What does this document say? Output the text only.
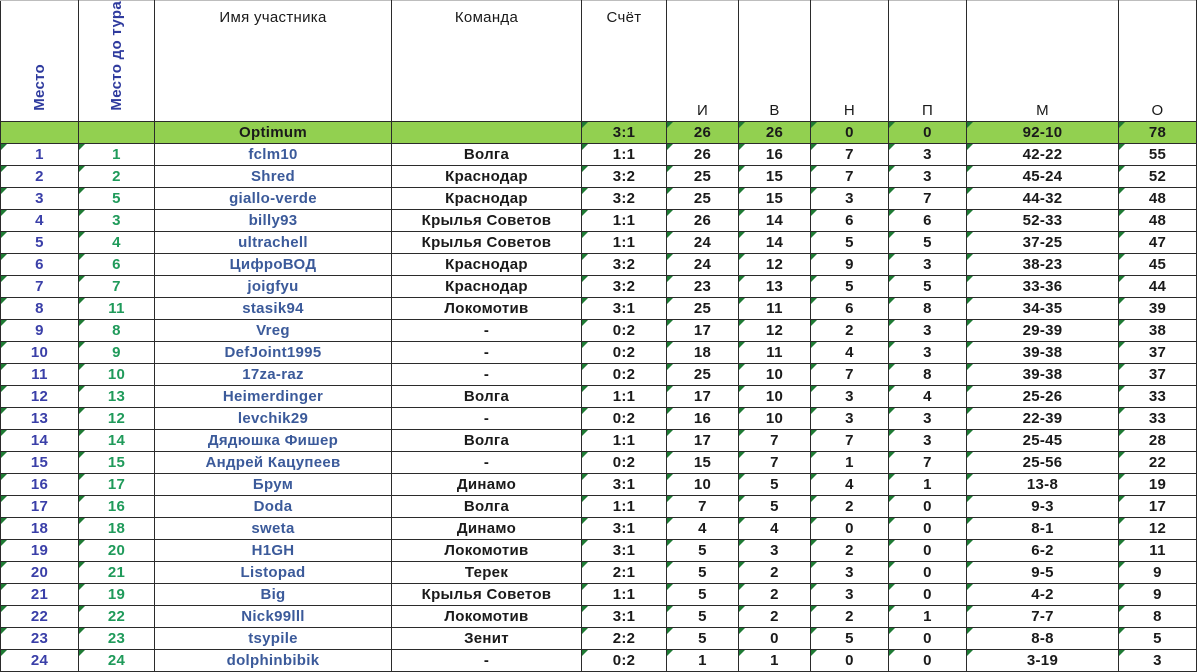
Место	Место до тура	Имя участника	Команда	Счёт	И	В	Н	П	М	О
		Optimum		3:1	26	26	0	0	92-10	78
1	1	fclm10	Волга	1:1	26	16	7	3	42-22	55
2	2	Shred	Краснодар	3:2	25	15	7	3	45-24	52
3	5	giallo-verde	Краснодар	3:2	25	15	3	7	44-32	48
4	3	billy93	Крылья Советов	1:1	26	14	6	6	52-33	48
5	4	ultrachell	Крылья Советов	1:1	24	14	5	5	37-25	47
6	6	ЦифроВОД	Краснодар	3:2	24	12	9	3	38-23	45
7	7	joigfyu	Краснодар	3:2	23	13	5	5	33-36	44
8	11	stasik94	Локомотив	3:1	25	11	6	8	34-35	39
9	8	Vreg	-	0:2	17	12	2	3	29-39	38
10	9	DefJoint1995	-	0:2	18	11	4	3	39-38	37
11	10	17za-raz	-	0:2	25	10	7	8	39-38	37
12	13	Heimerdinger	Волга	1:1	17	10	3	4	25-26	33
13	12	levchik29	-	0:2	16	10	3	3	22-39	33
14	14	Дядюшка Фишер	Волга	1:1	17	7	7	3	25-45	28
15	15	Андрей Кацупеев	-	0:2	15	7	1	7	25-56	22
16	17	Брум	Динамо	3:1	10	5	4	1	13-8	19
17	16	Doda	Волга	1:1	7	5	2	0	9-3	17
18	18	sweta	Динамо	3:1	4	4	0	0	8-1	12
19	20	H1GH	Локомотив	3:1	5	3	2	0	6-2	11
20	21	Listopad	Терек	2:1	5	2	3	0	9-5	9
21	19	Big	Крылья Советов	1:1	5	2	3	0	4-2	9
22	22	Nick99lll	Локомотив	3:1	5	2	2	1	7-7	8
23	23	tsypile	Зенит	2:2	5	0	5	0	8-8	5
24	24	dolphinbibik	-	0:2	1	1	0	0	3-19	3
